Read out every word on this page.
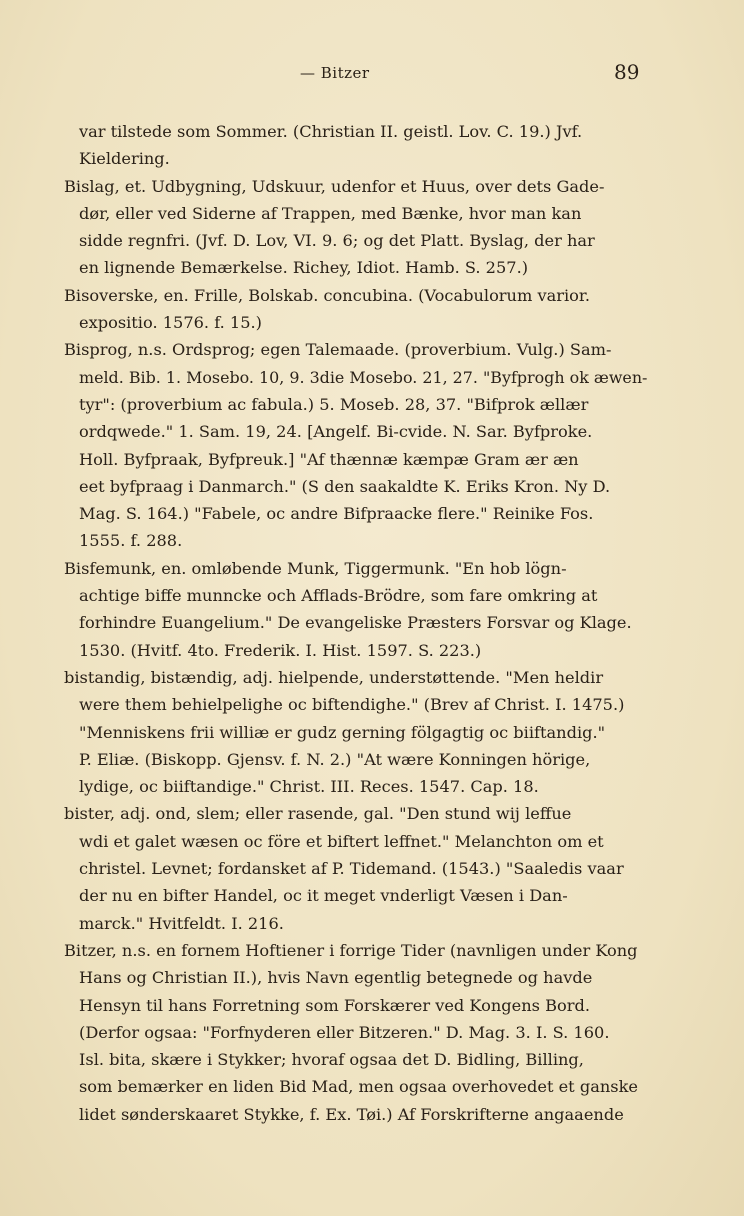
— Bitzer	89
var tilstede som Sommer. (Christian II. geistl. Lov. C. 19.) Jvf.
Kieldering.
Bislag, et. Udbygning, Udskuur, udenfor et Huus, over dets Gade-
dør, eller ved Siderne af Trappen, med Bænke, hvor man kan
sidde regnfri. (Jvf. D. Lov, VI. 9. 6; og det Platt. Byslag, der har
en lignende Bemærkelse. Richey, Idiot. Hamb. S. 257.)
Bisoverske, en. Frille, Bolskab. concubina. (Vocabulorum varior.
expositio. 1576. f. 15.)
Bisprog, n.s. Ordsprog; egen Talemaade. (proverbium. Vulg.) Sam-
meld. Bib. 1. Mosebo. 10, 9. 3die Mosebo. 21, 27. "Byfprogh ok æwen-
tyr": (proverbium ac fabula.) 5. Moseb. 28, 37. "Bifprok ællær
ordqwede." 1. Sam. 19, 24. [Angelf. Bi-cvide. N. Sar. Byfproke.
Holl. Byfpraak, Byfpreuk.] "Af thænnæ kæmpæ Gram ær æn
eet byfpraag i Danmarch." (S den saakaldte K. Eriks Kron. Ny D.
Mag. S. 164.) "Fabele, oc andre Bifpraacke flere." Reinike Fos.
1555. f. 288.
Bisfemunk, en. omløbende Munk, Tiggermunk. "En hob lögn-
achtige biffe munncke och Afflads-Brödre, som fare omkring at
forhindre Euangelium." De evangeliske Præsters Forsvar og Klage.
1530. (Hvitf. 4to. Frederik. I. Hist. 1597. S. 223.)
bistandig, bistændig, adj. hielpende, understøttende. "Men heldir
were them behielpelighe oc biftendighe." (Brev af Christ. I. 1475.)
"Menniskens frii williæ er gudz gerning fölgagtig oc biiftandig."
P. Eliæ. (Biskopp. Gjensv. f. N. 2.) "At wære Konningen hörige,
lydige, oc biiftandige." Christ. III. Reces. 1547. Cap. 18.
bister, adj. ond, slem; eller rasende, gal. "Den stund wij leffue
wdi et galet wæsen oc före et biftert leffnet." Melanchton om et
christel. Levnet; fordansket af P. Tidemand. (1543.) "Saaledis vaar
der nu en bifter Handel, oc it meget vnderligt Væsen i Dan-
marck." Hvitfeldt. I. 216.
Bitzer, n.s. en fornem Hoftiener i forrige Tider (navnligen under Kong
Hans og Christian II.), hvis Navn egentlig betegnede og havde
Hensyn til hans Forretning som Forskærer ved Kongens Bord.
(Derfor ogsaa: "Forfnyderen eller Bitzeren." D. Mag. 3. I. S. 160.
Isl. bita, skære i Stykker; hvoraf ogsaa det D. Bidling, Billing,
som bemærker en liden Bid Mad, men ogsaa overhovedet et ganske
lidet sønderskaaret Stykke, f. Ex. Tøi.) Af Forskrifterne angaaende
